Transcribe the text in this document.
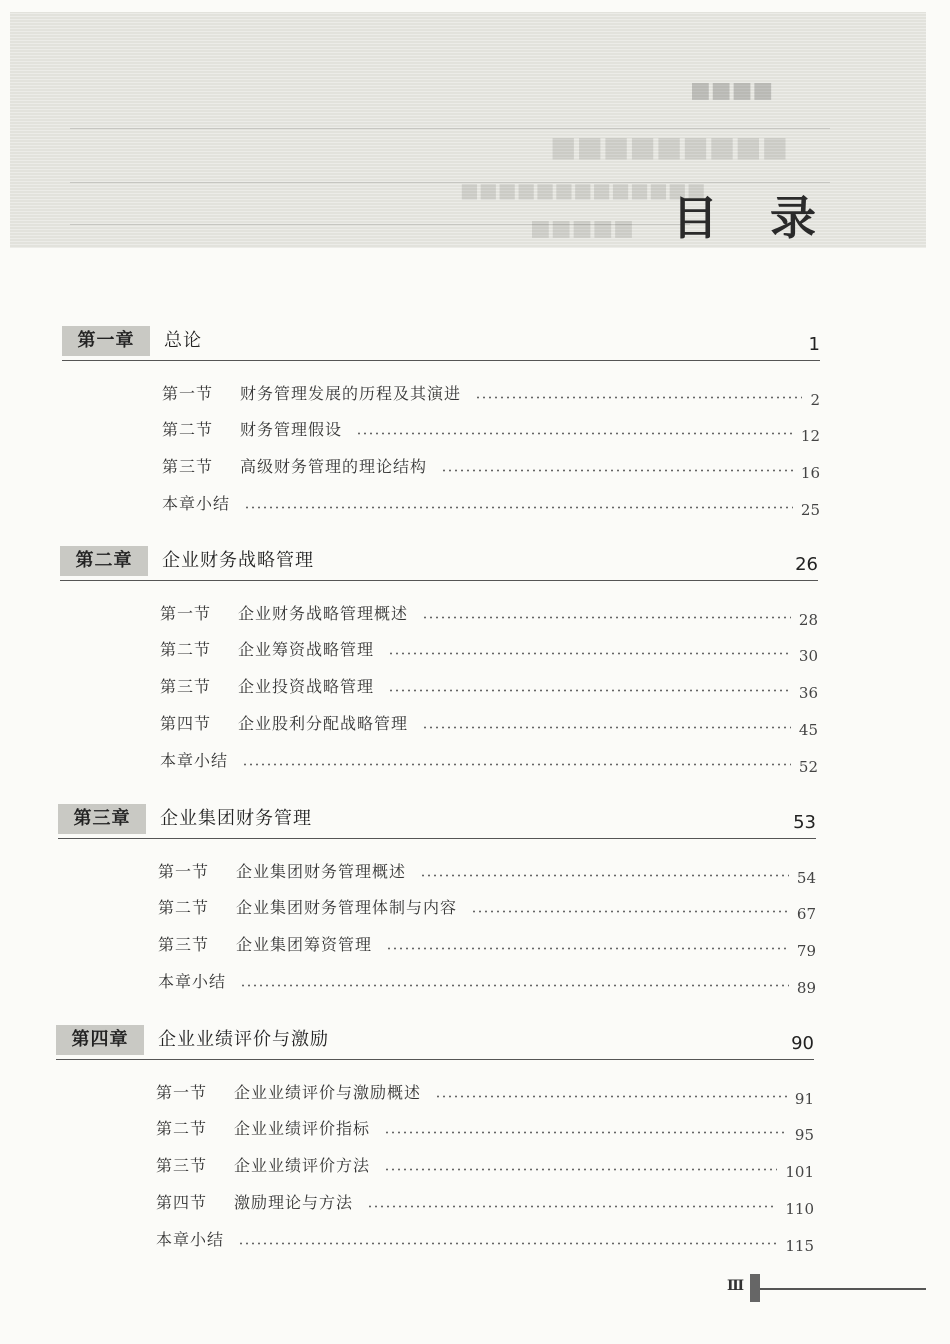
■■■■
■■■■■■■■■
■■■■■■■■■■■■■
■■■■■ 目录
第一章	总论	1
第一节	财务管理发展的历程及其演进	2
第二节	财务管理假设	12
第三节	高级财务管理的理论结构	16
本章小结	25
第二章	企业财务战略管理	26
第一节	企业财务战略管理概述	28
第二节	企业筹资战略管理	30
第三节	企业投资战略管理	36
第四节	企业股利分配战略管理	45
本章小结	52
第三章	企业集团财务管理	53
第一节	企业集团财务管理概述	54
第二节	企业集团财务管理体制与内容	67
第三节	企业集团筹资管理	79
本章小结	89
第四章	企业业绩评价与激励	90
第一节	企业业绩评价与激励概述	91
第二节	企业业绩评价指标	95
第三节	企业业绩评价方法	101
第四节	激励理论与方法	110
本章小结	115
Ⅲ
